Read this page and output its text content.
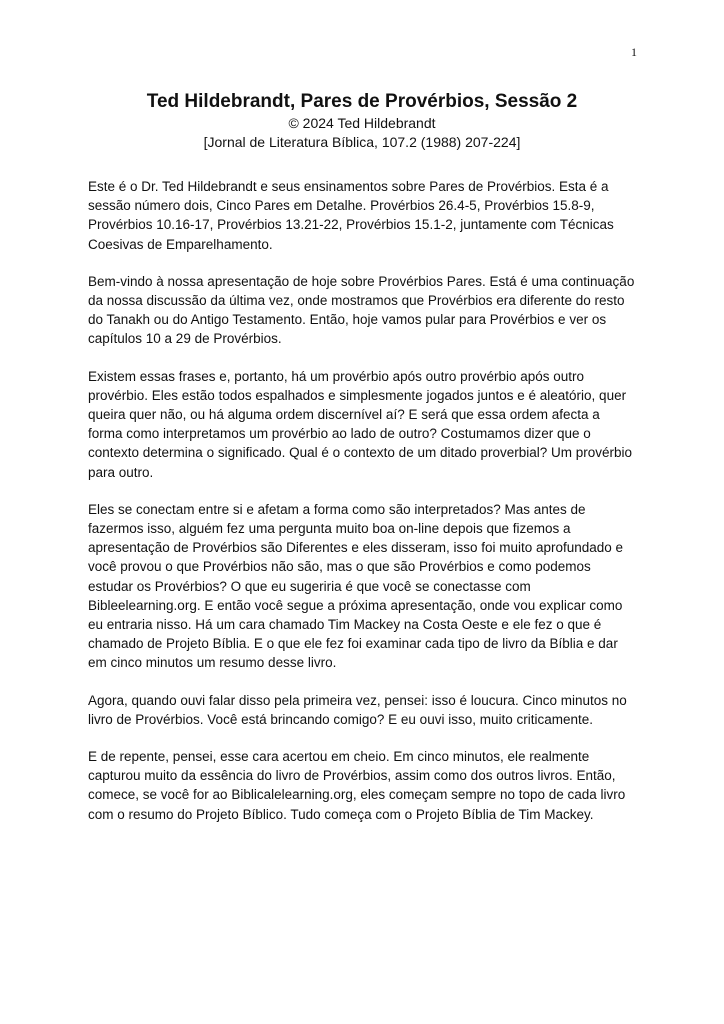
1
Ted Hildebrandt, Pares de Provérbios, Sessão 2
© 2024 Ted Hildebrandt
[Jornal de Literatura Bíblica, 107.2 (1988) 207-224]

Este é o Dr. Ted Hildebrandt e seus ensinamentos sobre Pares de Provérbios. Esta é a sessão número dois, Cinco Pares em Detalhe. Provérbios 26.4-5, Provérbios 15.8-9, Provérbios 10.16-17, Provérbios 13.21-22, Provérbios 15.1-2, juntamente com Técnicas Coesivas de Emparelhamento.

Bem-vindo à nossa apresentação de hoje sobre Provérbios Pares. Está é uma continuação da nossa discussão da última vez, onde mostramos que Provérbios era diferente do resto do Tanakh ou do Antigo Testamento. Então, hoje vamos pular para Provérbios e ver os capítulos 10 a 29 de Provérbios.

Existem essas frases e, portanto, há um provérbio após outro provérbio após outro provérbio. Eles estão todos espalhados e simplesmente jogados juntos e é aleatório, quer queira quer não, ou há alguma ordem discernível aí? E será que essa ordem afecta a forma como interpretamos um provérbio ao lado de outro? Costumamos dizer que o contexto determina o significado. Qual é o contexto de um ditado proverbial? Um provérbio para outro.

Eles se conectam entre si e afetam a forma como são interpretados? Mas antes de fazermos isso, alguém fez uma pergunta muito boa on-line depois que fizemos a apresentação de Provérbios são Diferentes e eles disseram, isso foi muito aprofundado e você provou o que Provérbios não são, mas o que são Provérbios e como podemos estudar os Provérbios? O que eu sugeriria é que você se conectasse com Bibleelearning.org. E então você segue a próxima apresentação, onde vou explicar como eu entraria nisso. Há um cara chamado Tim Mackey na Costa Oeste e ele fez o que é chamado de Projeto Bíblia. E o que ele fez foi examinar cada tipo de livro da Bíblia e dar em cinco minutos um resumo desse livro.

Agora, quando ouvi falar disso pela primeira vez, pensei: isso é loucura. Cinco minutos no livro de Provérbios. Você está brincando comigo? E eu ouvi isso, muito criticamente.

E de repente, pensei, esse cara acertou em cheio. Em cinco minutos, ele realmente capturou muito da essência do livro de Provérbios, assim como dos outros livros. Então, comece, se você for ao Biblicalelearning.org, eles começam sempre no topo de cada livro com o resumo do Projeto Bíblico. Tudo começa com o Projeto Bíblia de Tim Mackey.
